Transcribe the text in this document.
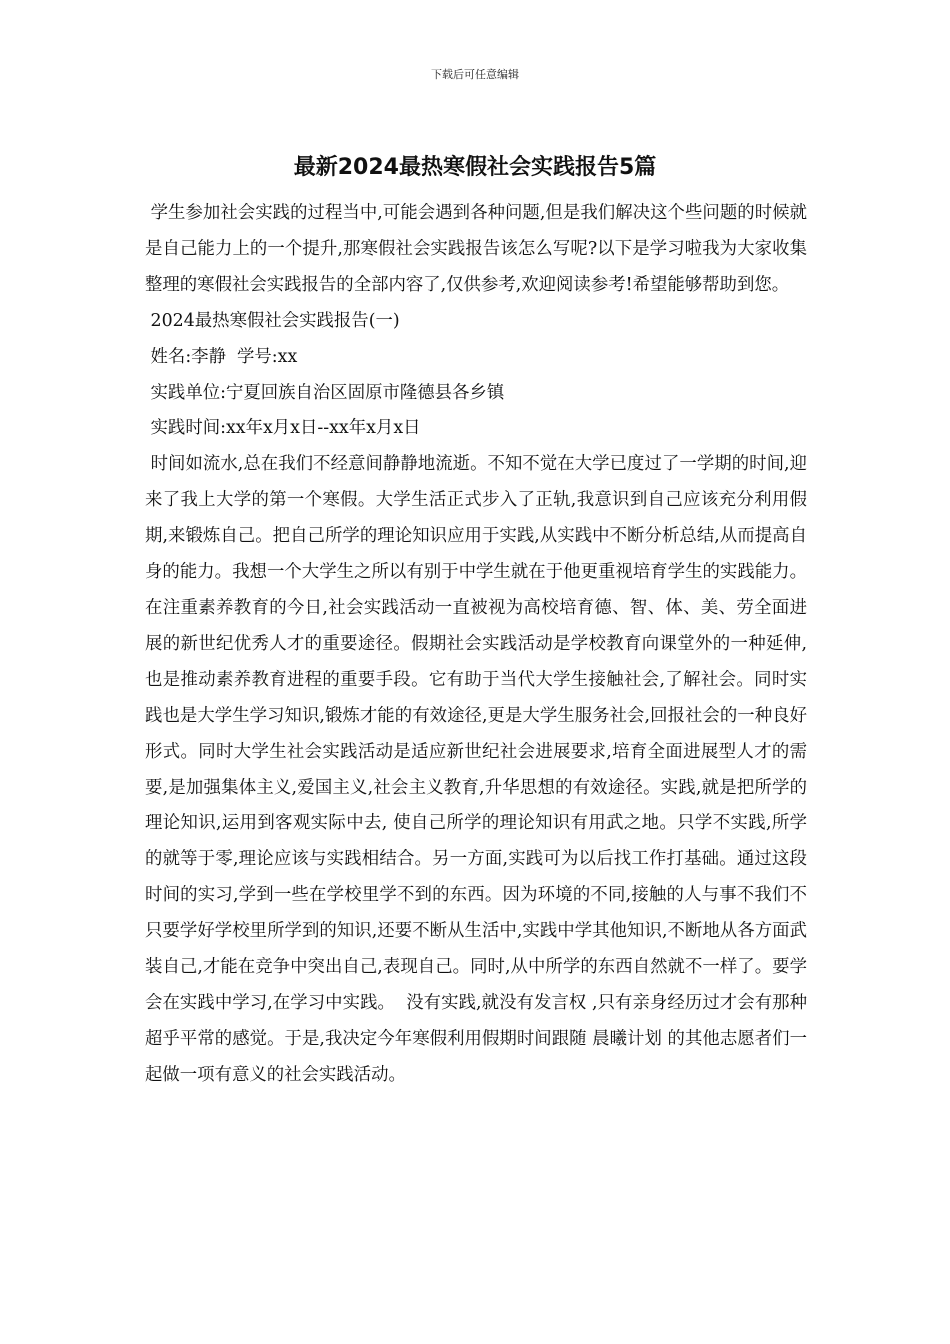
下载后可任意编辑
最新2024最热寒假社会实践报告5篇

学生参加社会实践的过程当中,可能会遇到各种问题,但是我们解决这个些问题的时候就是自己能力上的一个提升,那寒假社会实践报告该怎么写呢?以下是学习啦我为大家收集整理的寒假社会实践报告的全部内容了,仅供参考,欢迎阅读参考!希望能够帮助到您。

2024最热寒假社会实践报告(一)

姓名:李静  学号:xx

实践单位:宁夏回族自治区固原市隆德县各乡镇

实践时间:xx年x月x日--xx年x月x日

时间如流水,总在我们不经意间静静地流逝。不知不觉在大学已度过了一学期的时间,迎来了我上大学的第一个寒假。大学生活正式步入了正轨,我意识到自己应该充分利用假期,来锻炼自己。把自己所学的理论知识应用于实践,从实践中不断分析总结,从而提高自身的能力。我想一个大学生之所以有别于中学生就在于他更重视培育学生的实践能力。在注重素养教育的今日,社会实践活动一直被视为高校培育德、智、体、美、劳全面进展的新世纪优秀人才的重要途径。假期社会实践活动是学校教育向课堂外的一种延伸,也是推动素养教育进程的重要手段。它有助于当代大学生接触社会,了解社会。同时实践也是大学生学习知识,锻炼才能的有效途径,更是大学生服务社会,回报社会的一种良好形式。同时大学生社会实践活动是适应新世纪社会进展要求,培育全面进展型人才的需要,是加强集体主义,爱国主义,社会主义教育,升华思想的有效途径。实践,就是把所学的理论知识,运用到客观实际中去, 使自己所学的理论知识有用武之地。只学不实践,所学的就等于零,理论应该与实践相结合。另一方面,实践可为以后找工作打基础。通过这段时间的实习,学到一些在学校里学不到的东西。因为环境的不同,接触的人与事不我们不只要学好学校里所学到的知识,还要不断从生活中,实践中学其他知识,不断地从各方面武装自己,才能在竞争中突出自己,表现自己。同时,从中所学的东西自然就不一样了。要学会在实践中学习,在学习中实践。  没有实践,就没有发言权 ,只有亲身经历过才会有那种超乎平常的感觉。于是,我决定今年寒假利用假期时间跟随 晨曦计划 的其他志愿者们一起做一项有意义的社会实践活动。
